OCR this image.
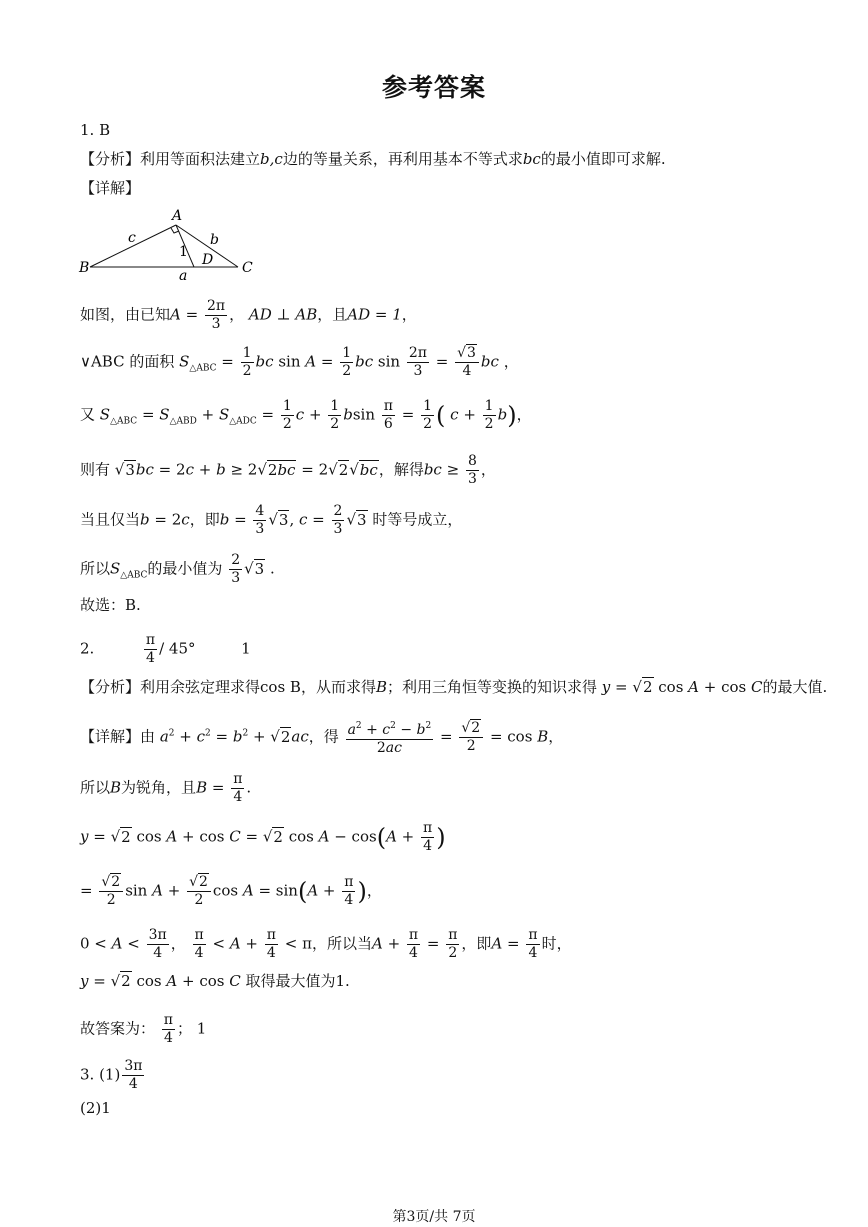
参考答案
1. B
【分析】利用等面积法建立b,c边的等量关系，再利用基本不等式求bc的最小值即可求解.
【详解】
A
B	C
D
c	b
a
1
如图，由已知$A = \frac{2\pi}{3}$ ， AD ⊥ AB，且AD = 1，
∨ABC 的面积 $S_{\triangle ABC} = \frac{1}{2}$ bc $\sin A = \frac{1}{2}$ bc $\sin \frac{2\pi}{3} = \frac{√3}{4}$ bc ，
又 $S_{\triangle ABC} = S_{\triangle ABD} + S_{\triangle ADC} = \frac{1}{2}$ $c + \frac{1}{2}$ bsin $\frac{\pi}{6} = \frac{1}{2}$ ( $c + \frac{1}{2} b$)，
则有 √3bc = 2c + b ≥ 2√2bc = 2√2√bc，解得bc ≥ $\frac{8}{3}$ ，
当且仅当b = 2c，即$b = \frac{4}{3} √3$, $c = \frac{2}{3} √3$ 时等号成立，
所以$S_{\triangle ABC}$的最小值为 $\frac{2}{3} √3$ .
故选：B.
2.	$\frac{\pi}{4} / 45^\circ$	1
【分析】利用余弦定理求得cos B，从而求得B；利用三角恒等变换的知识求得 y = √2 cos A + cos C的最大值.
【详解】由 $a^2 + c^2 = b^2 + √2ac$，得 $\frac{a^2 + c^2 - b^2}{2ac} = \frac{√2}{2} = \cos B$，
所以B为锐角，且$B = \frac{\pi}{4}$ .
y = √2 cos A + cos C = √2 $\cos A - \cos(A + \frac{\pi}{4}$ )
= $\frac{√2}{2}$ $\sin A + \frac{√2}{2}$ $\cos A = \sin(A + \frac{\pi}{4}$ )，
$0 < A < \frac{3\pi}{4}$ ， $\frac{\pi}{4} < A + \frac{\pi}{4} < \pi$，所以当$A + \frac{\pi}{4} = \frac{\pi}{2}$ ，即$A = \frac{\pi}{4}$ 时，
y = √2 cos A + cos C 取得最大值为1.
故答案为： $\frac{\pi}{4}$ ； 1
3. $(1) \frac{3\pi}{4}$
(2)1
第3页/共 7页
